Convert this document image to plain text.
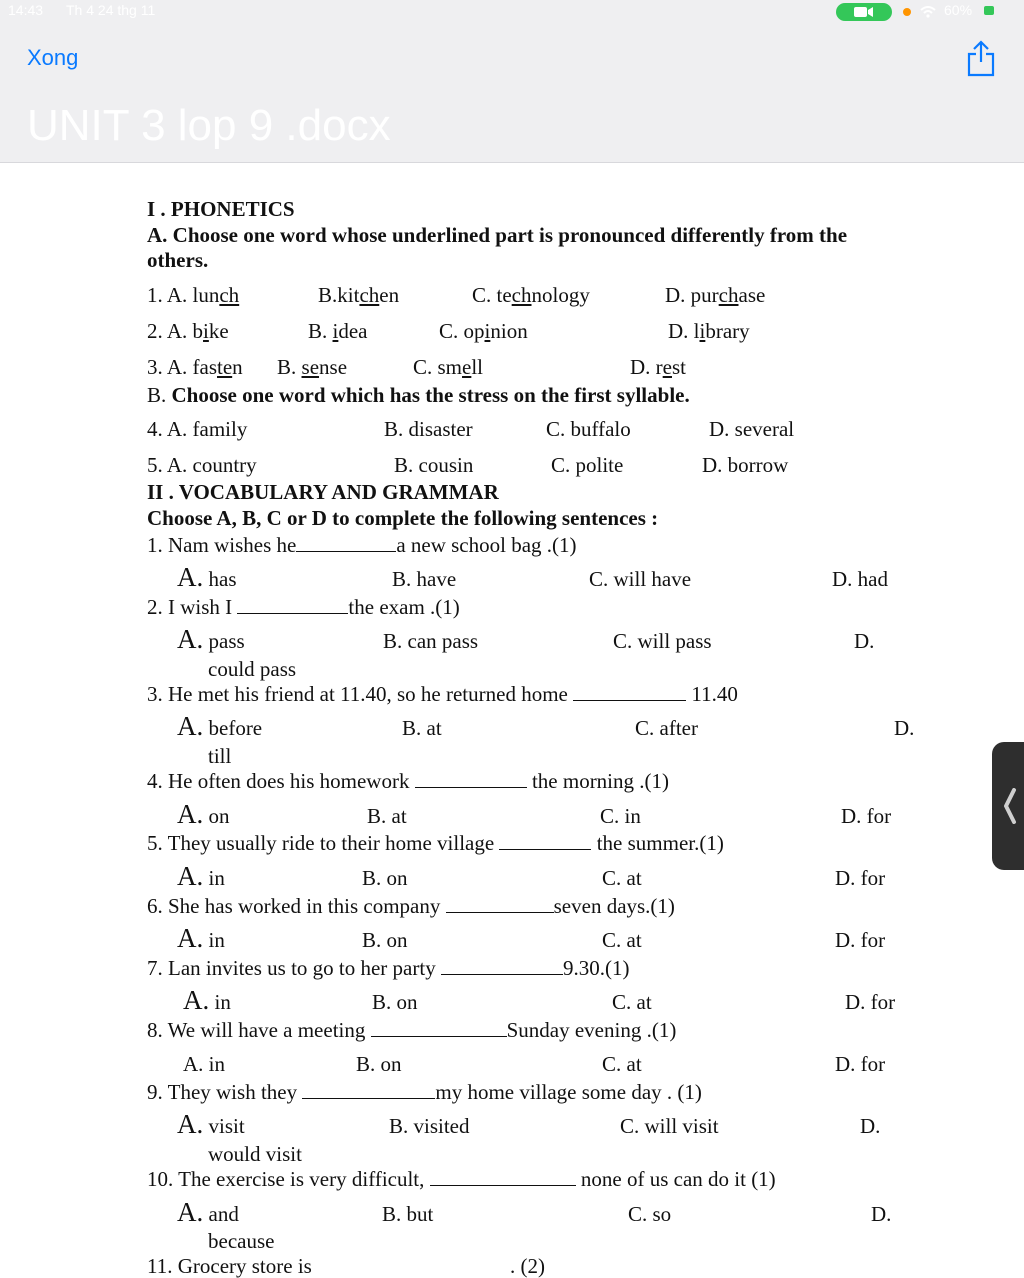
14:43 Th 4 24 thg 11	60%
Xong
UNIT 3 lop 9 .docx
I . PHONETICS
A. Choose one word whose underlined part is pronounced differently from the
others.
1. A. lunch	B.kitchen	C. technology	D. purchase
2. A. bike	B. idea	C. opinion	D. library
3. A. fasten B. sense	C. smell	D. rest
B. Choose one word which has the stress on the first syllable.
4. A. family	B. disaster	C. buffalo	D. several
5. A. country	B. cousin	C. polite	D. borrow
II . VOCABULARY AND GRAMMAR
Choose A, B, C or D to complete the following sentences :
1. Nam wishes he	a new school bag .(1)
A. has	B. have	C. will have	D. had
2. I wish I	the exam .(1)
A. pass	B. can pass	C. will pass	D.
could pass
3. He met his friend at 11.40, so he returned home	11.40
A. before	B. at	C. after	D.
till
4. He often does his homework	the morning .(1)
A. on	B. at	C. in	D. for
5. They usually ride to their home village	the summer.(1)
A. in	B. on	C. at	D. for
6. She has worked in this company	seven days.(1)
A. in	B. on	C. at	D. for
7. Lan invites us to go to her party	9.30.(1)
A. in	B. on	C. at	D. for
8. We will have a meeting	Sunday evening .(1)
A. in	B. on	C. at	D. for
9. They wish they	my home village some day . (1)
A. visit	B. visited	C. will visit	D.
would visit
10. The exercise is very difficult,	none of us can do it (1)
A. and	B. but	C. so	D.
because
11. Grocery store is	. (2)
